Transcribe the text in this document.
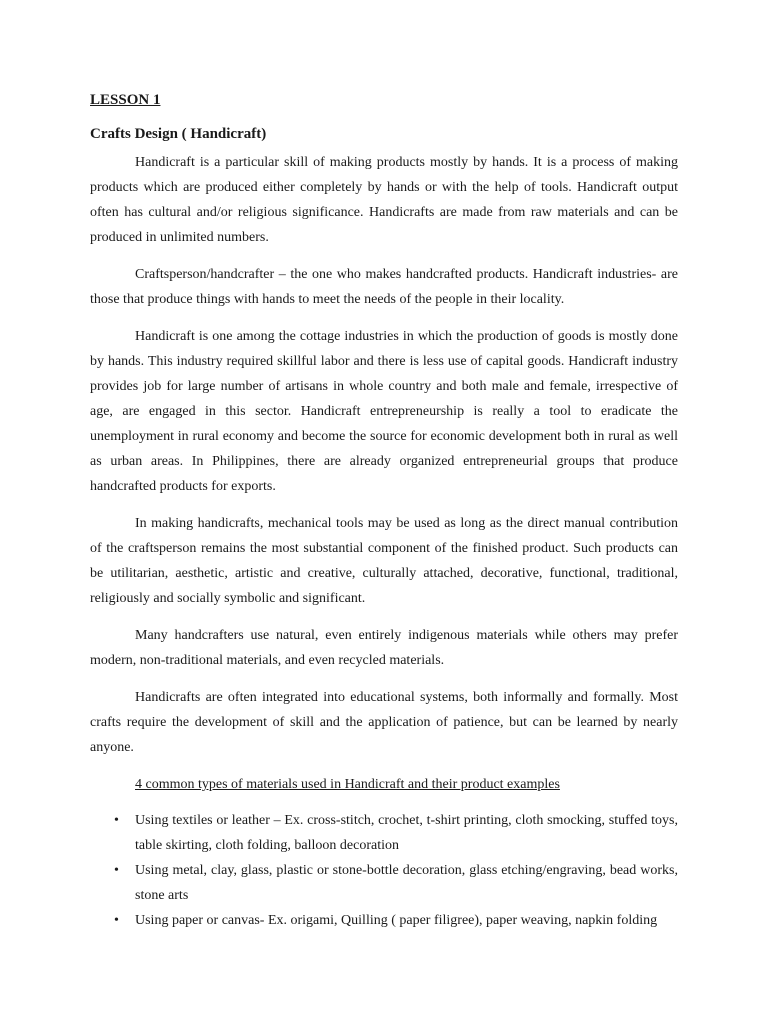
LESSON 1
Crafts Design ( Handicraft)

Handicraft is a particular skill of making products mostly by hands. It is a process of making products which are produced either completely by hands or with the help of tools. Handicraft output often has cultural and/or religious significance. Handicrafts are made from raw materials and can be produced in unlimited numbers.

Craftsperson/handcrafter – the one who makes handcrafted products. Handicraft industries- are those that produce things with hands to meet the needs of the people in their locality.

Handicraft is one among the cottage industries in which the production of goods is mostly done by hands. This industry required skillful labor and there is less use of capital goods. Handicraft industry provides job for large number of artisans in whole country and both male and female, irrespective of age, are engaged in this sector. Handicraft entrepreneurship is really a tool to eradicate the unemployment in rural economy and become the source for economic development both in rural as well as urban areas. In Philippines, there are already organized entrepreneurial groups that produce handcrafted products for exports.

In making handicrafts, mechanical tools may be used as long as the direct manual contribution of the craftsperson remains the most substantial component of the finished product. Such products can be utilitarian, aesthetic, artistic and creative, culturally attached, decorative, functional, traditional, religiously and socially symbolic and significant.

Many handcrafters use natural, even entirely indigenous materials while others may prefer modern, non-traditional materials, and even recycled materials.

Handicrafts are often integrated into educational systems, both informally and formally. Most crafts require the development of skill and the application of patience, but can be learned by nearly anyone.

4 common types of materials used in Handicraft and their product examples
• Using textiles or leather – Ex. cross-stitch, crochet, t-shirt printing, cloth smocking, stuffed toys, table skirting, cloth folding, balloon decoration
• Using metal, clay, glass, plastic or stone-bottle decoration, glass etching/engraving, bead works, stone arts
• Using paper or canvas- Ex. origami, Quilling ( paper filigree), paper weaving, napkin folding
